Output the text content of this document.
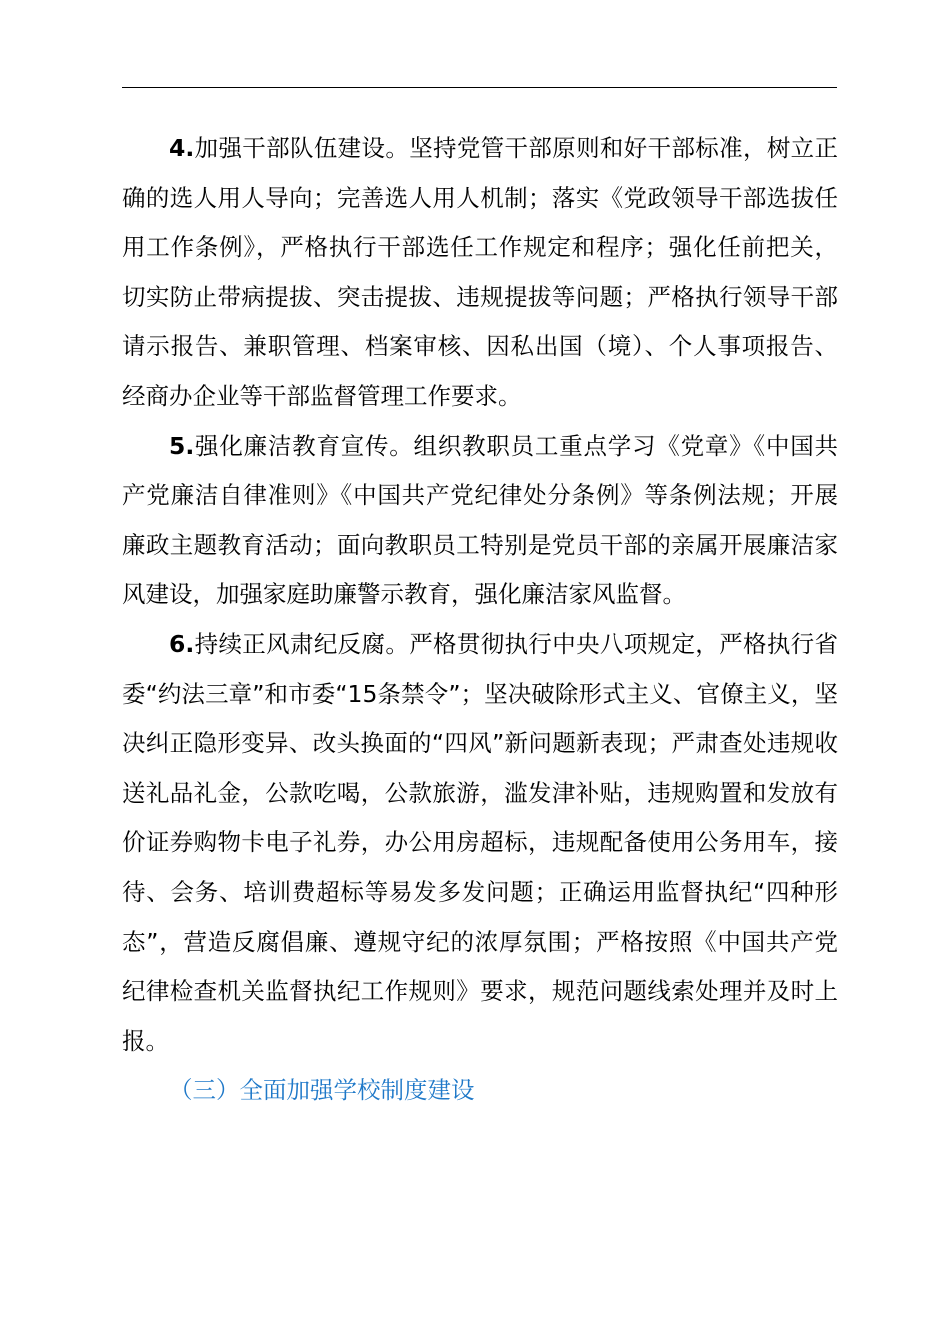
4.加强干部队伍建设。坚持党管干部原则和好干部标准，树立正确的选人用人导向；完善选人用人机制；落实《党政领导干部选拔任用工作条例》，严格执行干部选任工作规定和程序；强化任前把关，切实防止带病提拔、突击提拔、违规提拔等问题；严格执行领导干部请示报告、兼职管理、档案审核、因私出国（境）、个人事项报告、经商办企业等干部监督管理工作要求。

5.强化廉洁教育宣传。组织教职员工重点学习《党章》《中国共产党廉洁自律准则》《中国共产党纪律处分条例》等条例法规；开展廉政主题教育活动；面向教职员工特别是党员干部的亲属开展廉洁家风建设，加强家庭助廉警示教育，强化廉洁家风监督。

6.持续正风肃纪反腐。严格贯彻执行中央八项规定，严格执行省委“约法三章”和市委“15条禁令”；坚决破除形式主义、官僚主义，坚决纠正隐形变异、改头换面的“四风”新问题新表现；严肃查处违规收送礼品礼金，公款吃喝，公款旅游，滥发津补贴，违规购置和发放有价证券购物卡电子礼券，办公用房超标，违规配备使用公务用车，接待、会务、培训费超标等易发多发问题；正确运用监督执纪“四种形态”，营造反腐倡廉、遵规守纪的浓厚氛围；严格按照《中国共产党纪律检查机关监督执纪工作规则》要求，规范问题线索处理并及时上报。

（三）全面加强学校制度建设
